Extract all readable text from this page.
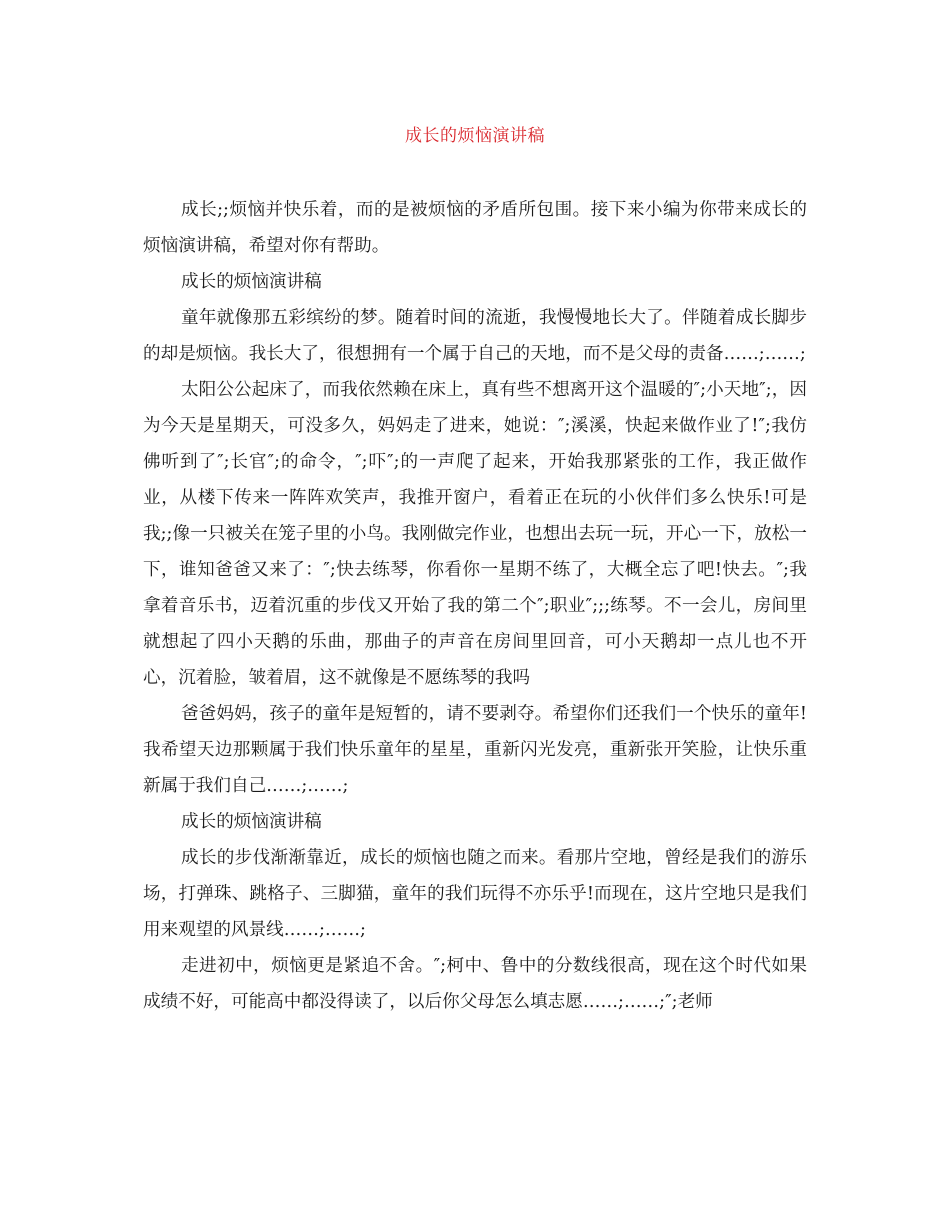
成长的烦恼演讲稿

成长;;烦恼并快乐着，而的是被烦恼的矛盾所包围。接下来小编为你带来成长的烦恼演讲稿，希望对你有帮助。

成长的烦恼演讲稿

童年就像那五彩缤纷的梦。随着时间的流逝，我慢慢地长大了。伴随着成长脚步的却是烦恼。我长大了，很想拥有一个属于自己的天地，而不是父母的责备……;……;

太阳公公起床了，而我依然赖在床上，真有些不想离开这个温暖的″;小天地″;，因为今天是星期天，可没多久，妈妈走了进来，她说：″;溪溪，快起来做作业了!″;我仿佛听到了″;长官″;的命令，″;吓″;的一声爬了起来，开始我那紧张的工作，我正做作业，从楼下传来一阵阵欢笑声，我推开窗户，看着正在玩的小伙伴们多么快乐!可是我;;像一只被关在笼子里的小鸟。我刚做完作业，也想出去玩一玩，开心一下，放松一下，谁知爸爸又来了：″;快去练琴，你看你一星期不练了，大概全忘了吧!快去。″;我拿着音乐书，迈着沉重的步伐又开始了我的第二个″;职业″;;;练琴。不一会儿，房间里就想起了四小天鹅的乐曲，那曲子的声音在房间里回音，可小天鹅却一点儿也不开心，沉着脸，皱着眉，这不就像是不愿练琴的我吗

爸爸妈妈，孩子的童年是短暂的，请不要剥夺。希望你们还我们一个快乐的童年!我希望天边那颗属于我们快乐童年的星星，重新闪光发亮，重新张开笑脸，让快乐重新属于我们自己……;……;

成长的烦恼演讲稿

成长的步伐渐渐靠近，成长的烦恼也随之而来。看那片空地，曾经是我们的游乐场，打弹珠、跳格子、三脚猫，童年的我们玩得不亦乐乎!而现在，这片空地只是我们用来观望的风景线……;……;

走进初中，烦恼更是紧追不舍。″;柯中、鲁中的分数线很高，现在这个时代如果成绩不好，可能高中都没得读了，以后你父母怎么填志愿……;……;″;老师
